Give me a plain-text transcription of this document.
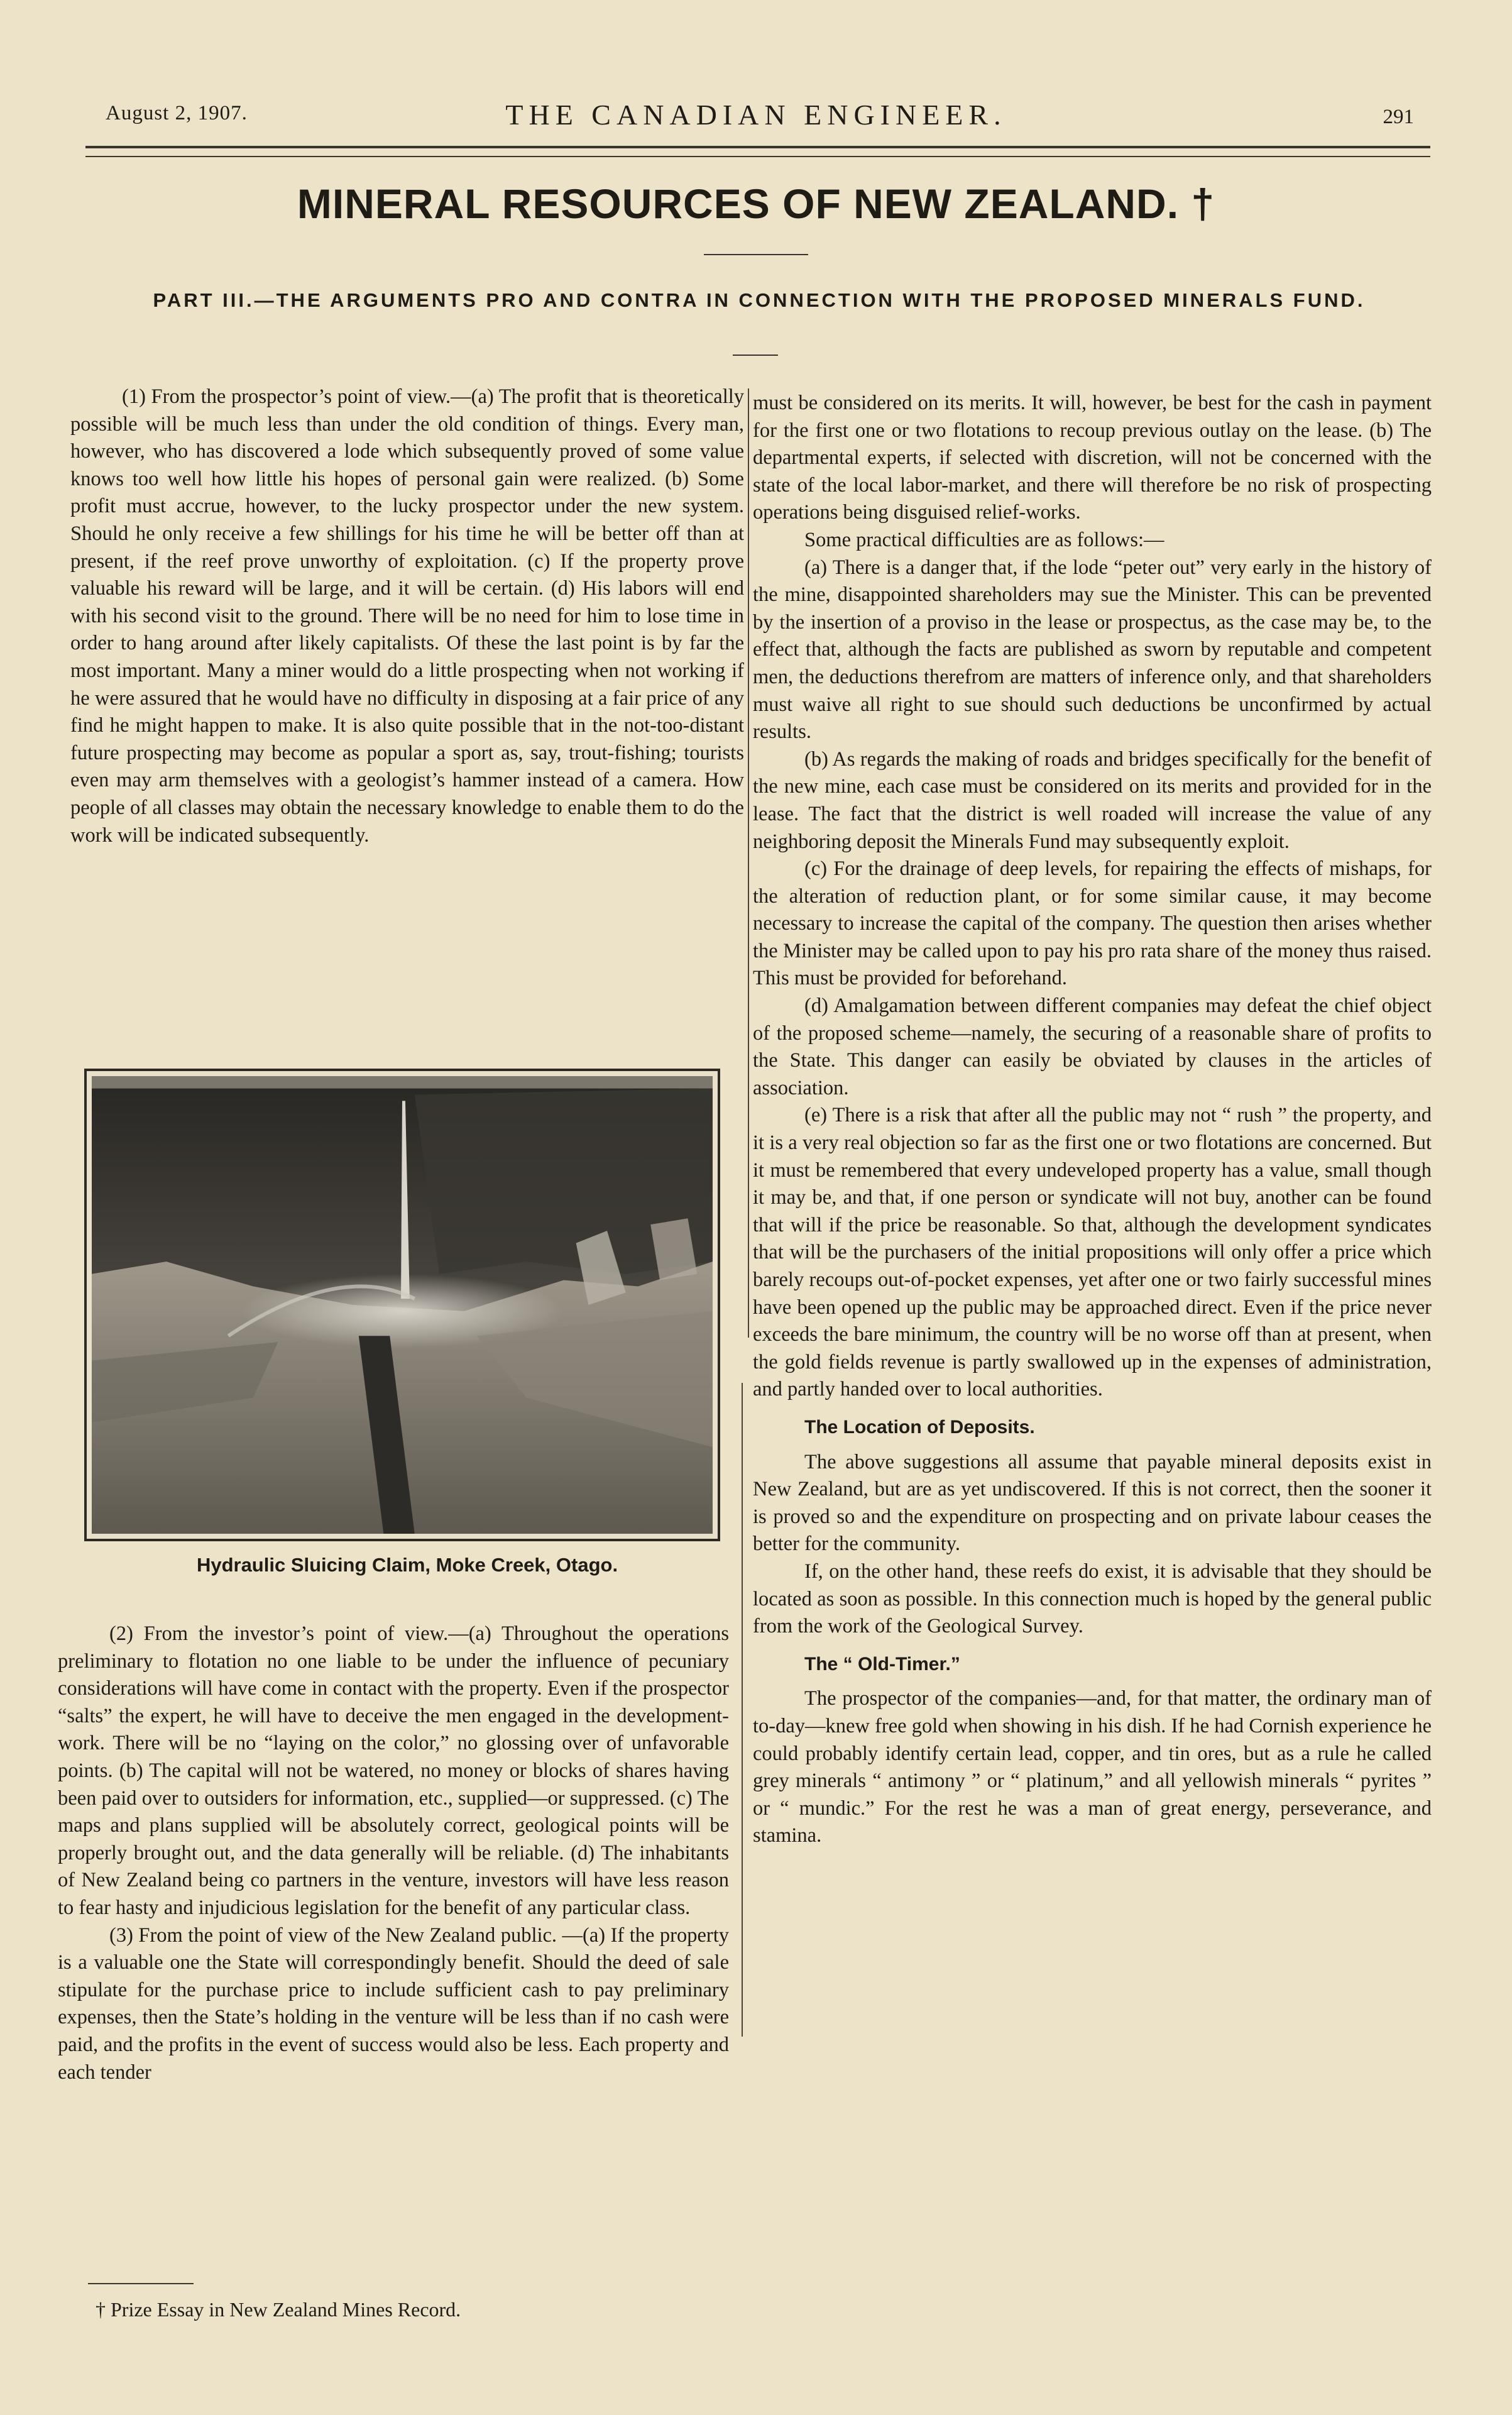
August 2, 1907.	THE CANADIAN ENGINEER.	291
MINERAL RESOURCES OF NEW ZEALAND. †
PART III.—THE ARGUMENTS PRO AND CONTRA IN CONNECTION WITH THE PROPOSED MINERALS FUND.

(1) From the prospector’s point of view.—(a) The profit that is theoretically possible will be much less than under the old condition of things. Every man, however, who has discovered a lode which subsequently proved of some value knows too well how little his hopes of personal gain were realized. (b) Some profit must accrue, however, to the lucky prospector under the new system. Should he only receive a few shillings for his time he will be better off than at present, if the reef prove unworthy of exploitation. (c) If the property prove valuable his reward will be large, and it will be certain. (d) His labors will end with his second visit to the ground. There will be no need for him to lose time in order to hang around after likely capitalists. Of these the last point is by far the most important. Many a miner would do a little prospecting when not working if he were assured that he would have no difficulty in disposing at a fair price of any find he might happen to make. It is also quite possible that in the not-too-distant future prospecting may become as popular a sport as, say, trout-fishing; tourists even may arm themselves with a geologist’s hammer instead of a camera. How people of all classes may obtain the necessary knowledge to enable them to do the work will be indicated subsequently.

Hydraulic Sluicing Claim, Moke Creek, Otago.

(2) From the investor’s point of view.—(a) Throughout the operations preliminary to flotation no one liable to be under the influence of pecuniary considerations will have come in contact with the property. Even if the prospector “salts” the expert, he will have to deceive the men engaged in the development-work. There will be no “laying on the color,” no glossing over of unfavorable points. (b) The capital will not be watered, no money or blocks of shares having been paid over to outsiders for information, etc., supplied—or suppressed. (c) The maps and plans supplied will be absolutely correct, geological points will be properly brought out, and the data generally will be reliable. (d) The inhabitants of New Zealand being co partners in the venture, investors will have less reason to fear hasty and injudicious legislation for the benefit of any particular class.

(3) From the point of view of the New Zealand public. —(a) If the property is a valuable one the State will correspondingly benefit. Should the deed of sale stipulate for the purchase price to include sufficient cash to pay preliminary expenses, then the State’s holding in the venture will be less than if no cash were paid, and the profits in the event of success would also be less. Each property and each tender

† Prize Essay in New Zealand Mines Record.

must be considered on its merits. It will, however, be best for the cash in payment for the first one or two flotations to recoup previous outlay on the lease. (b) The departmental experts, if selected with discretion, will not be concerned with the state of the local labor-market, and there will therefore be no risk of prospecting operations being disguised relief-works.

Some practical difficulties are as follows:—

(a) There is a danger that, if the lode “peter out” very early in the history of the mine, disappointed shareholders may sue the Minister. This can be prevented by the insertion of a proviso in the lease or prospectus, as the case may be, to the effect that, although the facts are published as sworn by reputable and competent men, the deductions therefrom are matters of inference only, and that shareholders must waive all right to sue should such deductions be unconfirmed by actual results.

(b) As regards the making of roads and bridges specifically for the benefit of the new mine, each case must be considered on its merits and provided for in the lease. The fact that the district is well roaded will increase the value of any neighboring deposit the Minerals Fund may subsequently exploit.

(c) For the drainage of deep levels, for repairing the effects of mishaps, for the alteration of reduction plant, or for some similar cause, it may become necessary to increase the capital of the company. The question then arises whether the Minister may be called upon to pay his pro rata share of the money thus raised. This must be provided for beforehand.

(d) Amalgamation between different companies may defeat the chief object of the proposed scheme—namely, the securing of a reasonable share of profits to the State. This danger can easily be obviated by clauses in the articles of association.

(e) There is a risk that after all the public may not “ rush ” the property, and it is a very real objection so far as the first one or two flotations are concerned. But it must be remembered that every undeveloped property has a value, small though it may be, and that, if one person or syndicate will not buy, another can be found that will if the price be reasonable. So that, although the development syndicates that will be the purchasers of the initial propositions will only offer a price which barely recoups out-of-pocket expenses, yet after one or two fairly successful mines have been opened up the public may be approached direct. Even if the price never exceeds the bare minimum, the country will be no worse off than at present, when the gold fields revenue is partly swallowed up in the expenses of administration, and partly handed over to local authorities.

The Location of Deposits.

The above suggestions all assume that payable mineral deposits exist in New Zealand, but are as yet undiscovered. If this is not correct, then the sooner it is proved so and the expenditure on prospecting and on private labour ceases the better for the community.

If, on the other hand, these reefs do exist, it is advisable that they should be located as soon as possible. In this connection much is hoped by the general public from the work of the Geological Survey.

The “ Old-Timer.”

The prospector of the companies—and, for that matter, the ordinary man of to-day—knew free gold when showing in his dish. If he had Cornish experience he could probably identify certain lead, copper, and tin ores, but as a rule he called grey minerals “ antimony ” or “ platinum,” and all yellowish minerals “ pyrites ” or “ mundic.” For the rest he was a man of great energy, perseverance, and stamina.
